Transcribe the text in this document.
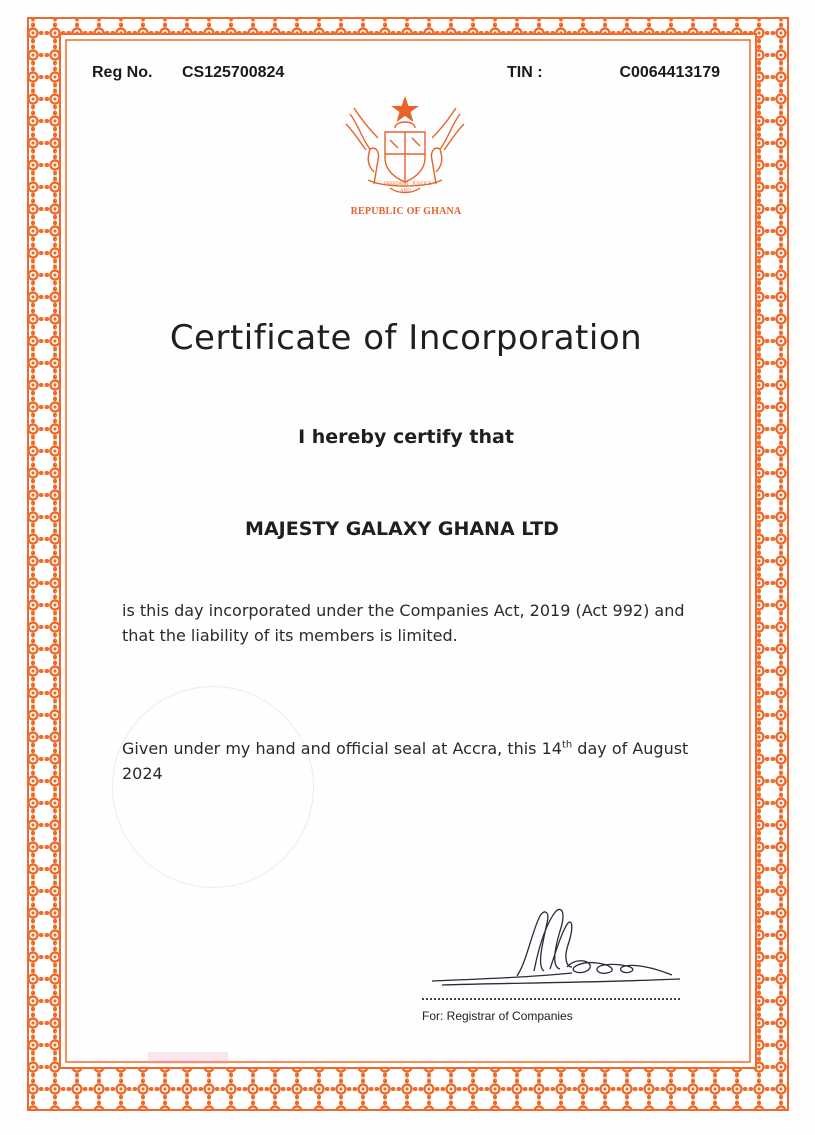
Reg No. CS125700824	TIN :	C0064413179
FREEDOM JUSTICE
AND
REPUBLIC OF GHANA
Certificate of Incorporation
I hereby certify that
MAJESTY GALAXY GHANA LTD
is this day incorporated under the Companies Act, 2019 (Act 992) and that the liability of its members is limited.
Given under my hand and official seal at Accra, this 14th day of August 2024
For: Registrar of Companies
